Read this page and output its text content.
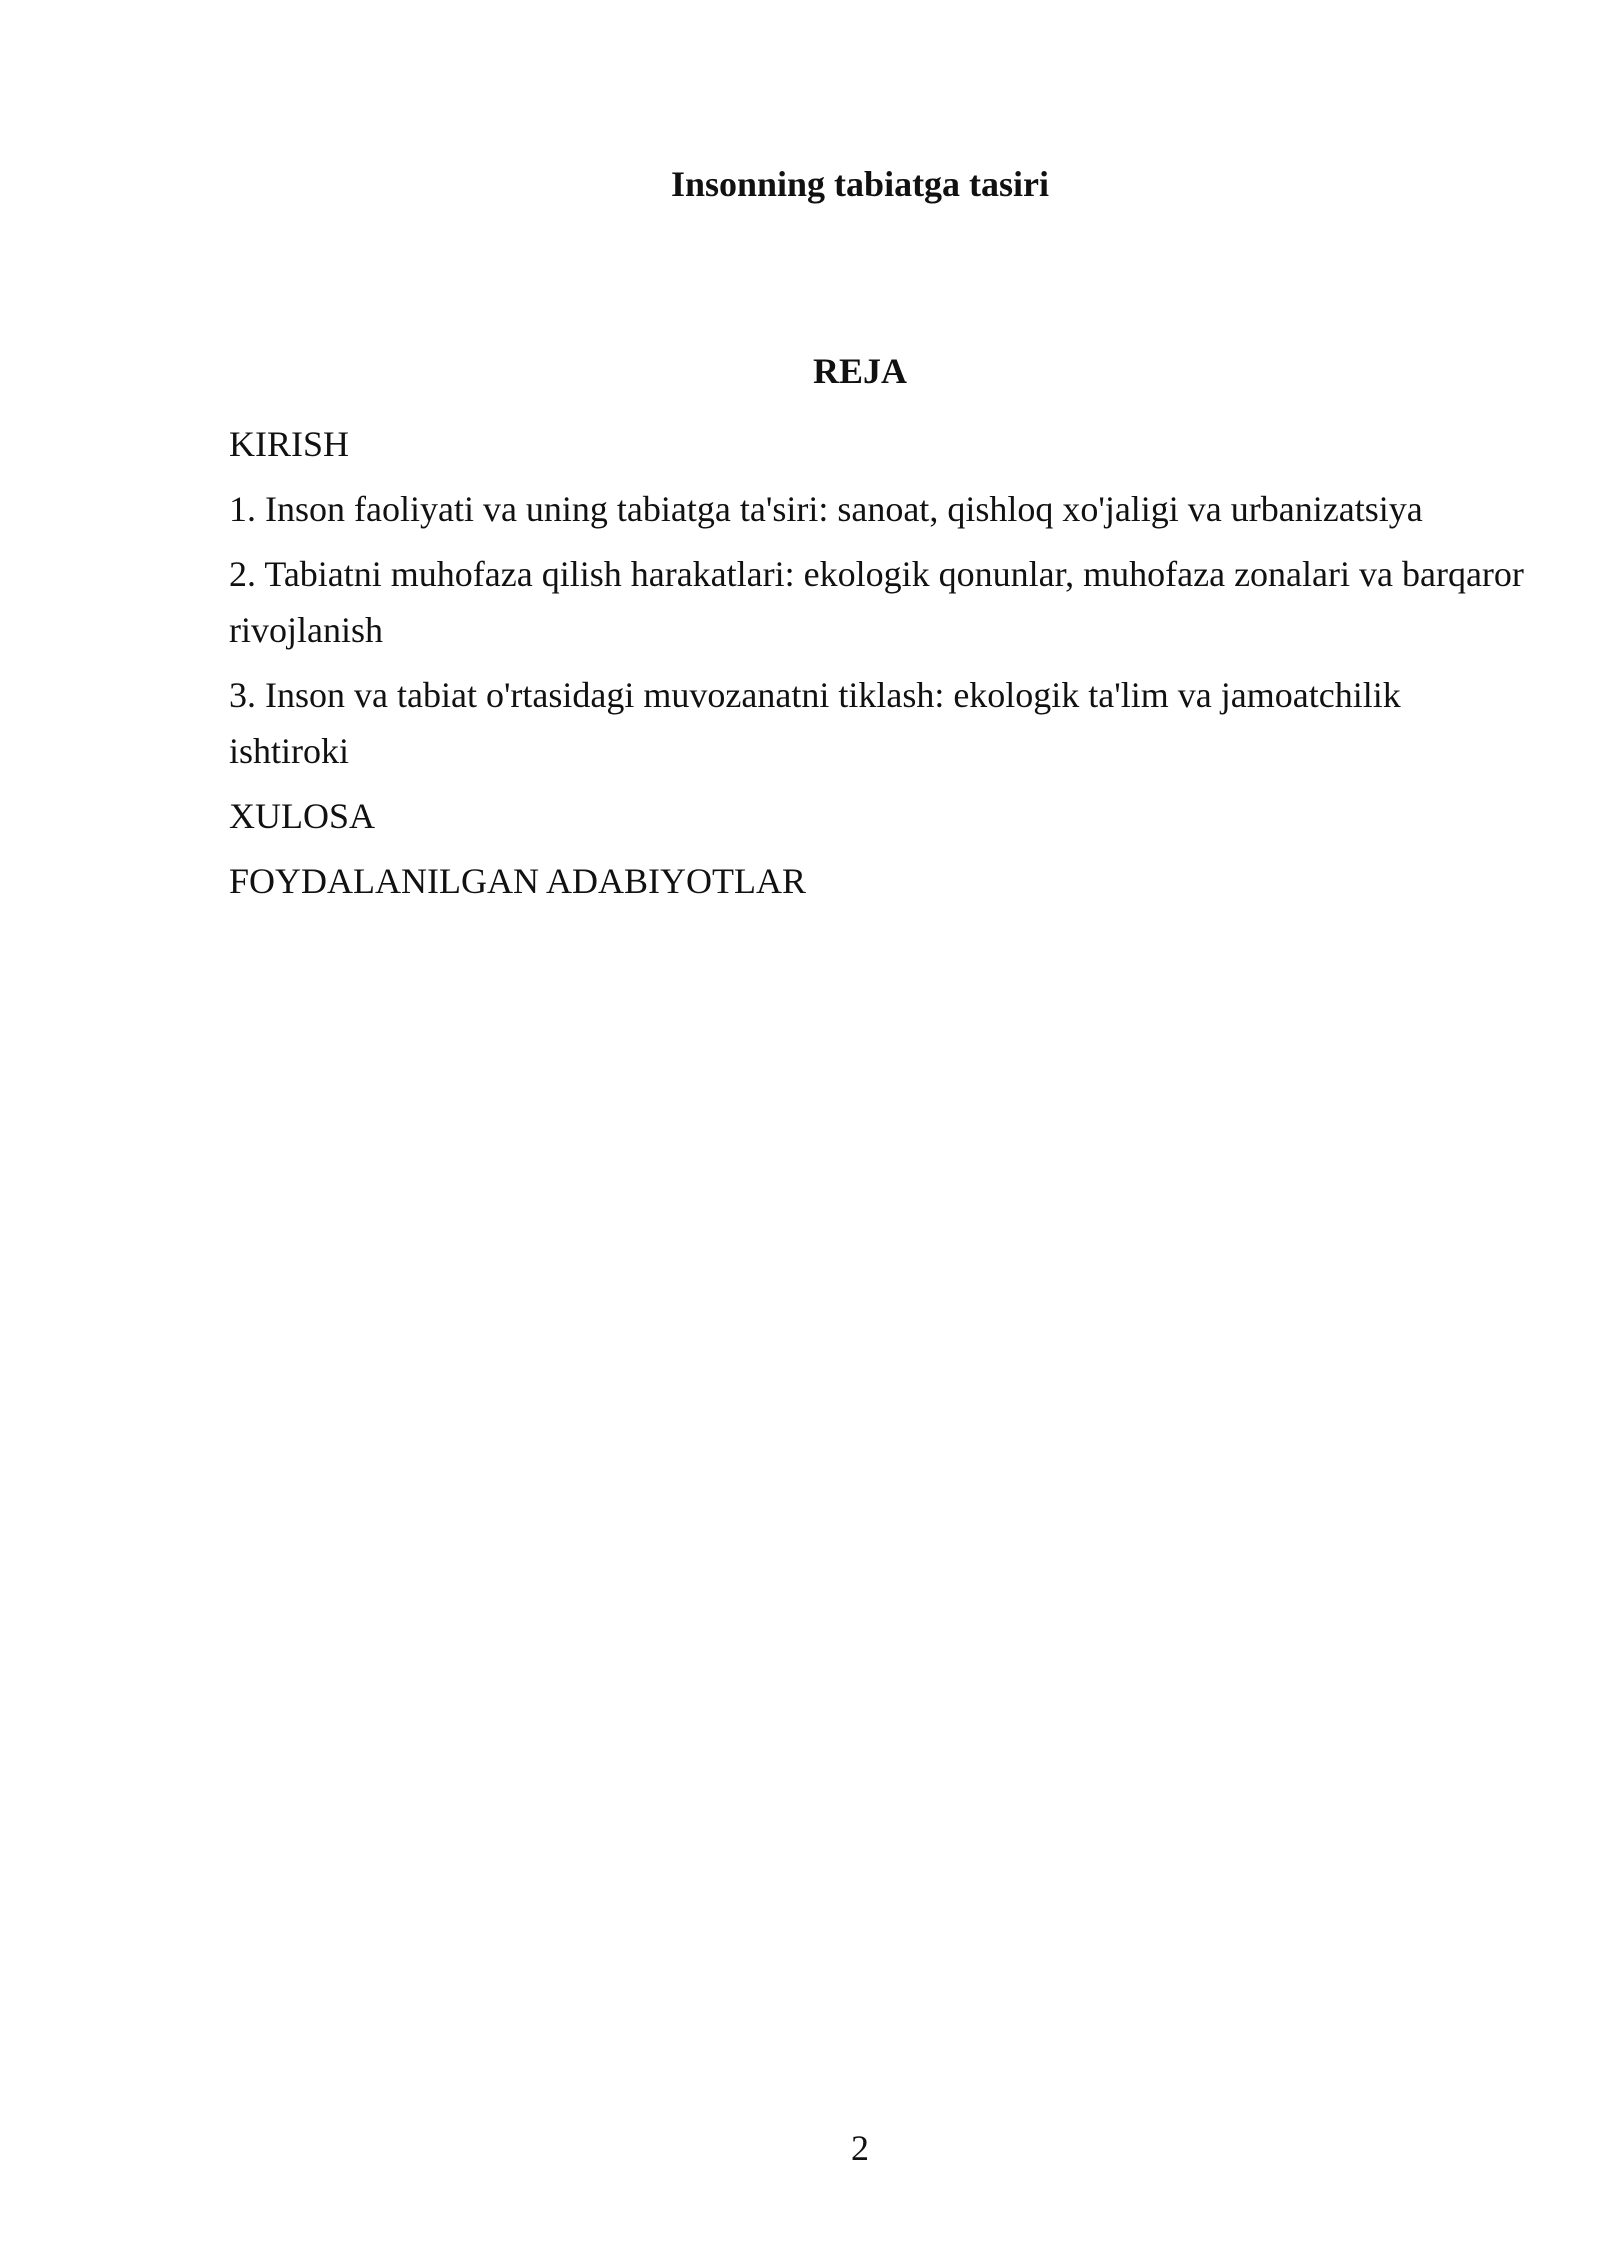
Insonning tabiatga tasiri
REJA
KIRISH
1. Inson faoliyati va uning tabiatga ta'siri: sanoat, qishloq xo'jaligi va urbanizatsiya
2. Tabiatni muhofaza qilish harakatlari: ekologik qonunlar, muhofaza zonalari va barqaror rivojlanish
3. Inson va tabiat o'rtasidagi muvozanatni tiklash: ekologik ta'lim va jamoatchilik ishtiroki
XULOSA
FOYDALANILGAN ADABIYOTLAR
2
